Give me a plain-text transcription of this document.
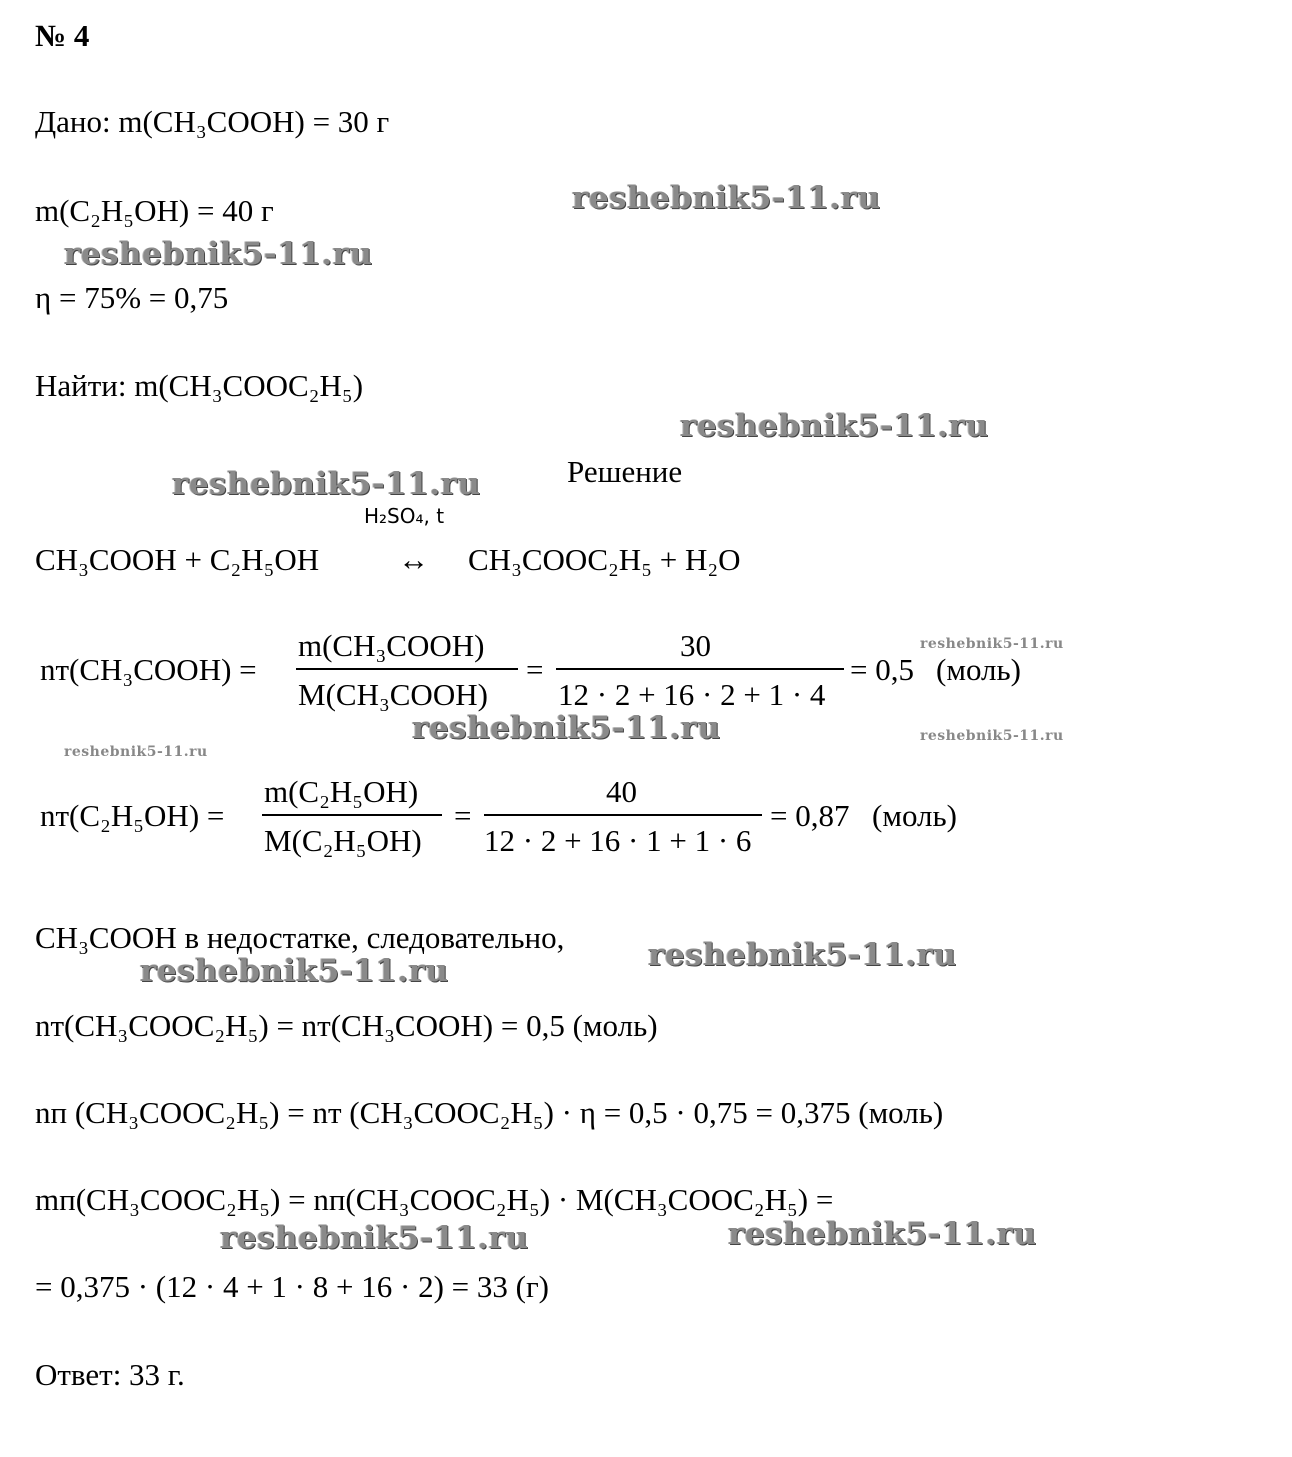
№ 4
Дано: m(CH₃COOH) = 30 г
m(C₂H₅OH) = 40 г
η = 75% = 0,75
Найти: m(CH₃COOC₂H₅)
Решение
H₂SO₄, t
CH₃COOH + C₂H₅OH	↔ CH₃COOC₂H₅ + H₂O
nт(CH₃COOH) =
m(CH₃COOH)
M(CH₃COOH)
=
30
12 · 2 + 16 · 2 + 1 · 4
= 0,5 (моль)
nт(C₂H₅OH) =
m(C₂H₅OH)
M(C₂H₅OH)
=
40
12 · 2 + 16 · 1 + 1 · 6
= 0,87 (моль)
CH₃COOH в недостатке, следовательно,
nт(CH₃COOC₂H₅) = nт(CH₃COOH) = 0,5 (моль)
nп (CH₃COOC₂H₅) = nт (CH₃COOC₂H₅) · η = 0,5 · 0,75 = 0,375 (моль)
mп(CH₃COOC₂H₅) = nп(CH₃COOC₂H₅) · M(CH₃COOC₂H₅) =
= 0,375 · (12 · 4 + 1 · 8 + 16 · 2) = 33 (г)
Ответ: 33 г.
reshebnik5-11.ru
reshebnik5-11.ru
reshebnik5-11.ru
reshebnik5-11.ru
reshebnik5-11.ru
reshebnik5-11.ru	reshebnik5-11.ru
reshebnik5-11.ru
reshebnik5-11.ru
reshebnik5-11.ru
reshebnik5-11.ru	reshebnik5-11.ru
